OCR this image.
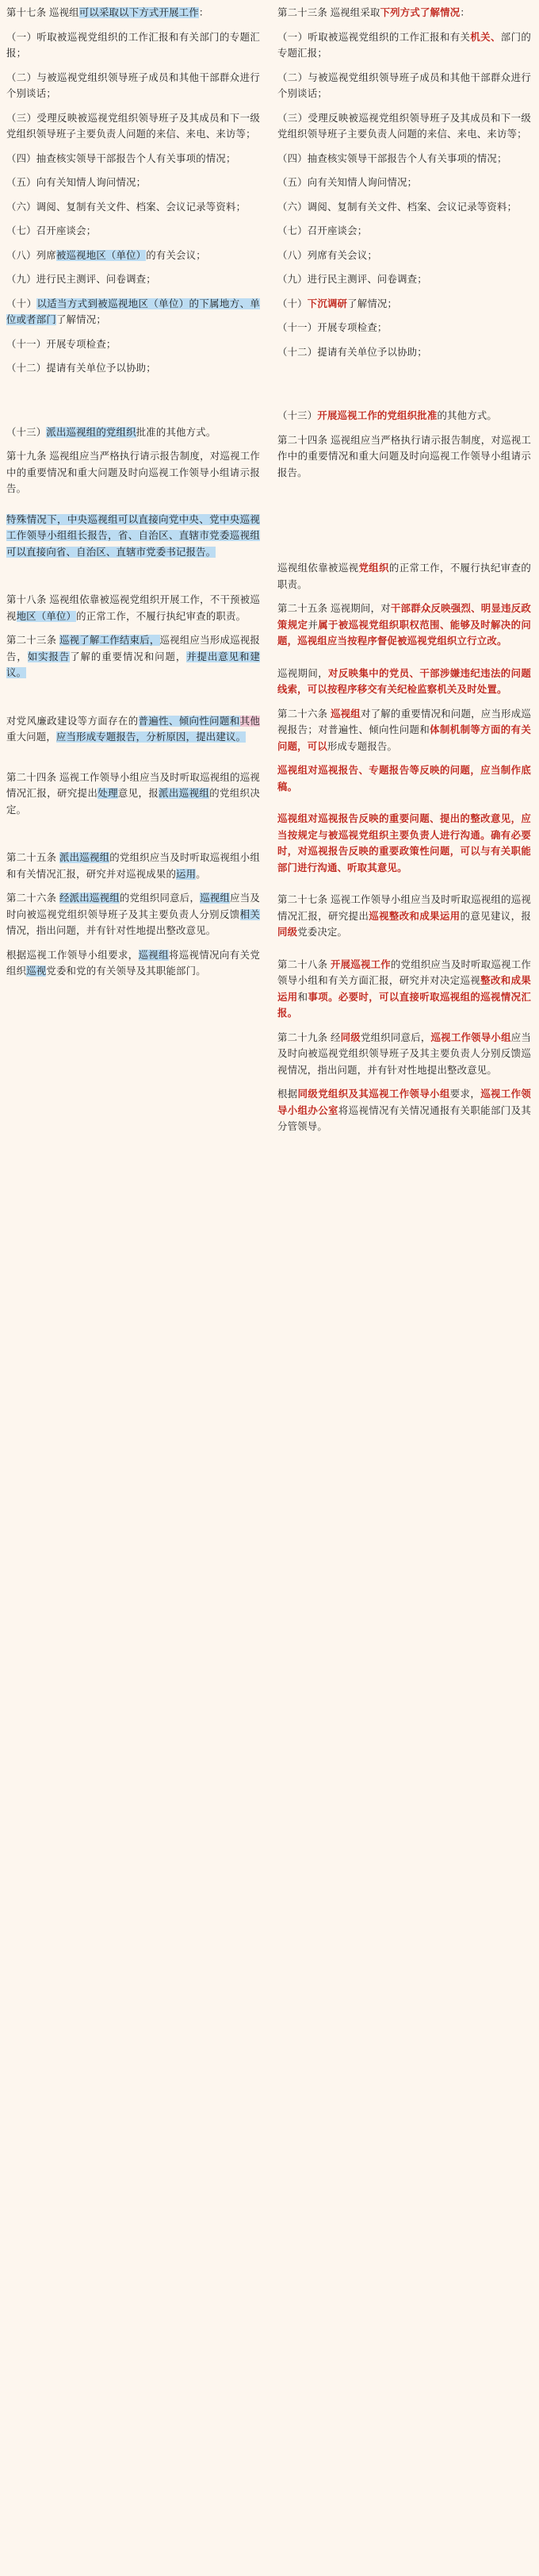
第十七条 巡视组可以采取以下方式开展工作：
（一）听取被巡视党组织的工作汇报和有关部门的专题汇报；
（二）与被巡视党组织领导班子成员和其他干部群众进行个别谈话；
（三）受理反映被巡视党组织领导班子及其成员和下一级党组织领导班子主要负责人问题的来信、来电、来访等；
（四）抽查核实领导干部报告个人有关事项的情况；
（五）向有关知情人询问情况；
（六）调阅、复制有关文件、档案、会议记录等资料；
（七）召开座谈会；
（八）列席被巡视地区（单位）的有关会议；
（九）进行民主测评、问卷调查；
（十）以适当方式到被巡视地区（单位）的下属地方、单位或者部门了解情况；
（十一）开展专项检查；
（十二）提请有关单位予以协助；
（十三）派出巡视组的党组织批准的其他方式。
第十九条 巡视组应当严格执行请示报告制度，对巡视工作中的重要情况和重大问题及时向巡视工作领导小组请示报告。
特殊情况下，中央巡视组可以直接向党中央、党中央巡视工作领导小组组长报告，省、自治区、直辖市党委巡视组可以直接向省、自治区、直辖市党委书记报告。
第十八条 巡视组依靠被巡视党组织开展工作，不干预被巡视地区（单位）的正常工作，不履行执纪审查的职责。
第二十三条 巡视了解工作结束后，巡视组应当形成巡视报告，如实报告了解的重要情况和问题，并提出意见和建议。
对党风廉政建设等方面存在的普遍性、倾向性问题和其他重大问题，应当形成专题报告，分析原因，提出建议。
第二十四条 巡视工作领导小组应当及时听取巡视组的巡视情况汇报，研究提出处理意见，报派出巡视组的党组织决定。
第二十五条 派出巡视组的党组织应当及时听取巡视组小组和有关情况汇报，研究并对巡视成果的运用。
第二十六条 经派出巡视组的党组织同意后，巡视组应当及时向被巡视党组织领导班子及其主要负责人分别反馈相关情况，指出问题，并有针对性地提出整改意见。
根据巡视工作领导小组要求，巡视组将巡视情况向有关党组织巡视党委和党的有关领导及其职能部门。
第二十三条 巡视组采取下列方式了解情况：
（一）听取被巡视党组织的工作汇报和有关机关、部门的专题汇报；
（二）与被巡视党组织领导班子成员和其他干部群众进行个别谈话；
（三）受理反映被巡视党组织领导班子及其成员和下一级党组织领导班子主要负责人问题的来信、来电、来访等；
（四）抽查核实领导干部报告个人有关事项的情况；
（五）向有关知情人询问情况；
（六）调阅、复制有关文件、档案、会议记录等资料；
（七）召开座谈会；
（八）列席有关会议；
（九）进行民主测评、问卷调查；
（十）下沉调研了解情况；
（十一）开展专项检查；
（十二）提请有关单位予以协助；
（十三）开展巡视工作的党组织批准的其他方式。
第二十四条 巡视组应当严格执行请示报告制度，对巡视工作中的重要情况和重大问题及时向巡视工作领导小组请示报告。
巡视组依靠被巡视党组织的正常工作，不履行执纪审查的职责。
第二十五条 巡视期间，对干部群众反映强烈、明显违反政策规定并属于被巡视党组织职权范围、能够及时解决的问题，巡视组应当按程序督促被巡视党组织立行立改。
巡视期间，对反映集中的党员、干部涉嫌违纪违法的问题线索，可以按程序移交有关纪检监察机关及时处置。
第二十六条 巡视组对了解的重要情况和问题，应当形成巡视报告；对普遍性、倾向性问题和体制机制等方面的有关问题，可以形成专题报告。
巡视组对巡视报告、专题报告等反映的问题，应当制作底稿。
巡视组对巡视报告反映的重要问题、提出的整改意见，应当按规定与被巡视党组织主要负责人进行沟通。确有必要时，对巡视报告反映的重要政策性问题，可以与有关职能部门进行沟通、听取其意见。
第二十七条 巡视工作领导小组应当及时听取巡视组的巡视情况汇报，研究提出巡视整改和成果运用的意见建议，报同级党委决定。
第二十八条 开展巡视工作的党组织应当及时听取巡视工作领导小组和有关方面汇报，研究并对决定巡视整改和成果运用和事项。必要时，可以直接听取巡视组的巡视情况汇报。
第二十九条 经同级党组织同意后，巡视工作领导小组应当及时向被巡视党组织领导班子及其主要负责人分别反馈巡视情况，指出问题，并有针对性地提出整改意见。
根据同级党组织及其巡视工作领导小组要求，巡视工作领导小组办公室将巡视情况有关情况通报有关职能部门及其分管领导。
